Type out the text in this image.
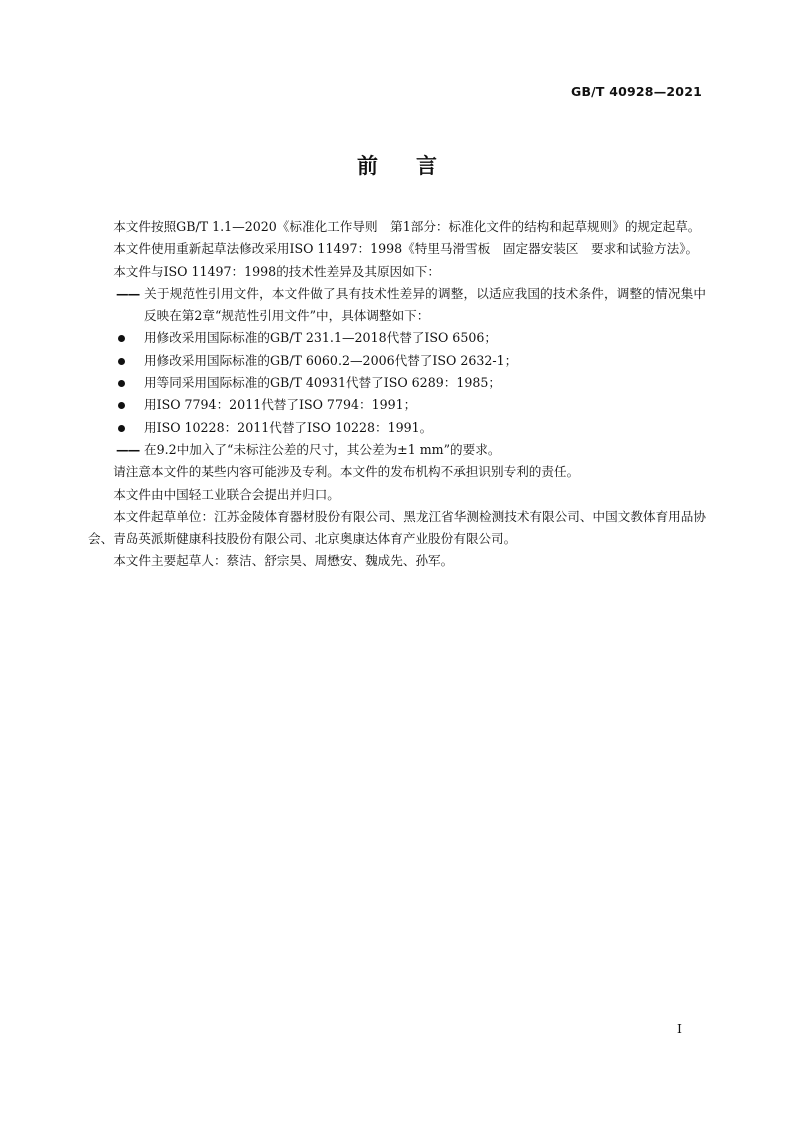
GB/T 40928—2021
前 言

本文件按照GB/T 1.1—2020《标准化工作导则　第1部分：标准化文件的结构和起草规则》的规定起草。

本文件使用重新起草法修改采用ISO 11497：1998《特里马滑雪板　固定器安装区　要求和试验方法》。

本文件与ISO 11497：1998的技术性差异及其原因如下：

—— 关于规范性引用文件，本文件做了具有技术性差异的调整，以适应我国的技术条件，调整的情况集中反映在第2章“规范性引用文件”中，具体调整如下：

用修改采用国际标准的GB/T 231.1—2018代替了ISO 6506；
用修改采用国际标准的GB/T 6060.2—2006代替了ISO 2632-1；
用等同采用国际标准的GB/T 40931代替了ISO 6289：1985；
用ISO 7794：2011代替了ISO 7794：1991；
用ISO 10228：2011代替了ISO 10228：1991。

—— 在9.2中加入了“未标注公差的尺寸，其公差为±1 mm”的要求。

请注意本文件的某些内容可能涉及专利。本文件的发布机构不承担识别专利的责任。

本文件由中国轻工业联合会提出并归口。

本文件起草单位：江苏金陵体育器材股份有限公司、黑龙江省华测检测技术有限公司、中国文教体育用品协会、青岛英派斯健康科技股份有限公司、北京奥康达体育产业股份有限公司。

本文件主要起草人：蔡洁、舒宗昊、周懋安、魏成先、孙军。

I
